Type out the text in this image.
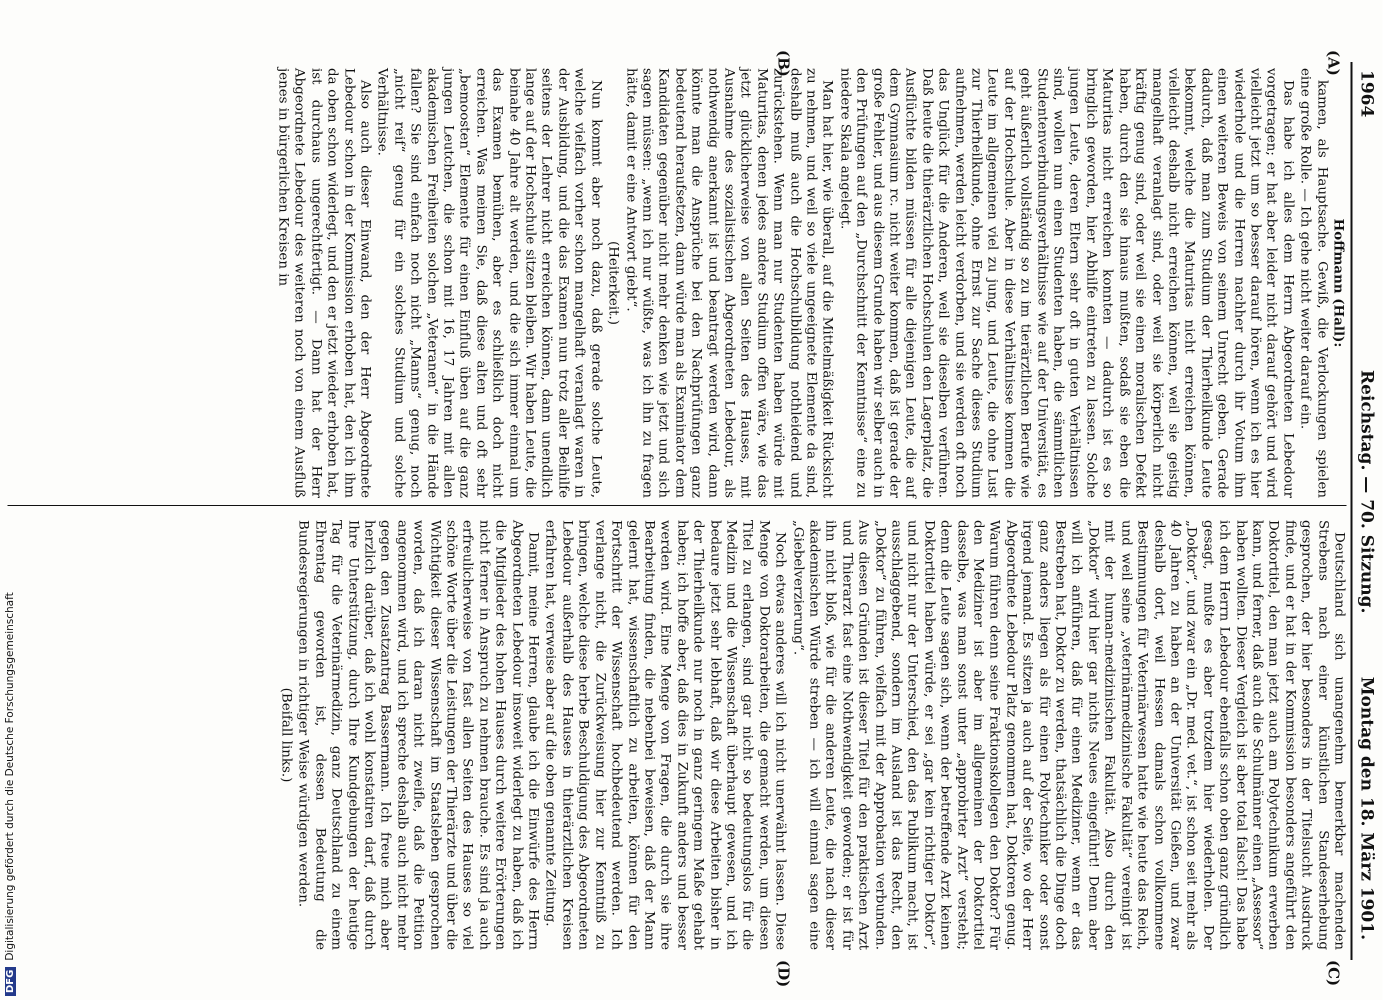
1964
Reichstag. — 70. Sitzung.
Montag den 18. März 1901.
(A)
(B)
(C)
(D)

Hoffmann (Hall):

kamen, als Hauptsache. Gewiß, die Verlockungen spielen eine große Rolle. — Ich gehe nicht weiter darauf ein.

Das habe ich alles dem Herrn Abgeordneten Lebedour vorgetragen; er hat aber leider nicht darauf gehört und wird vielleicht jetzt um so besser darauf hören, wenn ich es hier wiederhole und die Herren nachher durch ihr Votum ihm einen weiteren Beweis von seinem Unrecht geben. Gerade dadurch, daß man zum Studium der Thierheilkunde Leute bekommt, welche die Maturitas nicht erreichen können, vielleicht deshalb nicht erreichen können, weil sie geistig mangelhaft veranlagt sind, oder weil sie körperlich nicht kräftig genug sind, oder weil sie einen moralischen Defekt haben, durch den sie hinaus mußten, sodaß sie eben die Maturitas nicht erreichen konnten — dadurch ist es so bringlich geworden, hier Abhilfe eintreten zu lassen. Solche jungen Leute, deren Eltern sehr oft in guten Verhältnissen sind, wollen nun einen Studenten haben, die sämmtlichen Studentenverbindungsverhältnisse wie auf der Universität, es geht äußerlich vollständig so zu im tierärztlichen Berufe wie auf der Hochschule. Aber in diese Verhältnisse kommen die Leute im allgemeinen viel zu jung, und Leute, die ohne Lust zur Thierheilkunde, ohne Ernst zur Sache dieses Studium aufnehmen, werden leicht verdorben, und sie werden oft noch das Unglück für die Anderen, weil sie dieselben verführen. Daß heute die thierärztlichen Hochschulen den Lagerplatz, die Ausflüchte bilden müssen für alle diejenigen Leute, die auf dem Gymnasium rc. nicht weiter kommen, daß ist gerade der große Fehler, und aus diesem Grunde haben wir selber auch in den Prüfungen auf den „Durchschnitt der Kenntnisse“ eine zu niedere Skala angelegt.

Man hat hier, wie überall, auf die Mittelmäßigkeit Rücksicht zu nehmen, und weil so viele ungeeignete Elemente da sind, deshalb muß auch die Hochschulbildung nothleidend und zurückstehen. Wenn man nur Studenten haben würde mit Maturitas, denen jedes andere Studium offen wäre, wie das jetzt glücklicherweise von allen Seiten des Hauses, mit Ausnahme des sozialistischen Abgeordneten Lebedour, als nothwendig anerkannt ist und beantragt werden wird, dann könnte man die Ansprüche bei den Nachprüfungen ganz bedeutend heraufsetzen, dann würde man als Examinator dem Kandidaten gegenüber nicht mehr denken wie jetzt und sich sagen müssen: „wenn ich nur wüßte, was ich ihn zu fragen hätte, damit er eine Antwort giebt“.

(Heiterkeit.)

Nun kommt aber noch dazu, daß gerade solche Leute, welche vielfach vorher schon mangelhaft veranlagt waren in der Ausbildung, und die das Examen nun trotz aller Beihilfe seitens der Lehrer nicht erreichen können, dann unendlich lange auf der Hochschule sitzen bleiben. Wir haben Leute, die beinahe 40 Jahre alt werden, und die sich immer einmal um das Examen bemühen, aber es schließlich doch nicht erreichen. Was meinen Sie, daß diese alten und oft sehr „bemoosten“ Elemente für einen Einfluß üben auf die ganz jungen Leutchen, die schon mit 16, 17 Jahren mit allen akademischen Freiheiten solchen „Veteranen“ in die Hände fallen? Sie sind einfach noch nicht „Manns“ genug, noch „nicht reif“ genug für ein solches Studium und solche Verhältnisse.

Also auch dieser Einwand, den der Herr Abgeordnete Lebedour schon in der Kommission erhoben hat, den ich ihm da oben schon widerlegt, und den er jetzt wieder erhoben hat, ist durchaus ungerechtfertigt. — Dann hat der Herr Abgeordnete Lebedour des weiteren noch von einem Ausfluß jenes in bürgerlichen Kreisen in

Deutschland sich unangenehm bemerkbar machenden Strebens nach einer künstlichen Standeserhebung gesprochen, der hier besonders in der Titelsucht Ausdruck finde, und er hat in der Kommission besonders angeführt den Doktortitel, den man jetzt auch am Polytechnikum erwerben kann, und ferner, daß auch die Schulmänner einen „Assessor“ haben wollten. Dieser Vergleich ist aber total falsch! Das habe ich dem Herrn Lebedour ebenfalls schon oben ganz gründlich gesagt, mußte es aber trotzdem hier wiederholen. Der „Doktor“, und zwar ein „Dr. med. vet.“, ist schon seit mehr als 40 Jahren zu haben an der Universität Gießen, und zwar deshalb dort, weil Hessen damals schon vollkommene Bestimmungen für Veterinärwesen hatte wie heute das Reich, und weil seine „veterinärmedizinische Fakultät“ vereinigt ist mit der human-medizinischen Fakultät. Also durch den „Doktor“ wird hier gar nichts Neues eingeführt! Denn aber will ich anführen, daß für einen Mediziner, wenn er das Bestreben hat, Doktor zu werden, thatsächlich die Dinge doch ganz anders liegen als für einen Polytechniker oder sonst irgend jemand. Es sitzen ja auch auf der Seite, wo der Herr Abgeordnete Lebedour Platz genommen hat, Doktoren genug. Warum führen denn seine Fraktionskollegen den Doktor? Für den Mediziner ist aber im allgemeinen der Doktortitel dasselbe, was man sonst unter „approbirter Arzt“ versteht; denn die Leute sagen sich, wenn der betreffende Arzt keinen Doktortitel haben würde, er sei „gar kein richtiger Doktor“, und nicht nur der Unterschied, den das Publikum macht, ist ausschlaggebend, sondern im Ausland ist das Recht, den „Doktor“ zu führen, vielfach mit der Approbation verbunden. Aus diesen Gründen ist dieser Titel für den praktischen Arzt und Thierarzt fast eine Nothwendigkeit geworden; er ist für ihn nicht bloß, wie für die anderen Leute, die nach dieser akademischen Würde streben — ich will einmal sagen eine „Giebelverzierung“.

Noch etwas anderes will ich nicht unerwähnt lassen. Diese Menge von Doktorarbeiten, die gemacht werden, um diesen Titel zu erlangen, sind gar nicht so bedeutungslos für die Medizin und die Wissenschaft überhaupt gewesen, und ich bedaure jetzt sehr lebhaft, daß wir diese Arbeiten bisher in der Thierheilkunde nur noch in ganz geringem Maße gehabt haben; ich hoffe aber, daß dies in Zukunft anders und besser werden wird. Eine Menge von Fragen, die durch sie ihre Bearbeitung finden, die nebenbei beweisen, daß der Mann gelernt hat, wissenschaftlich zu arbeiten, können für den Fortschritt der Wissenschaft hochbedeutend werden. Ich verlange nicht, die Zurückweisung hier zur Kenntniß zu bringen, welche diese herbe Beschuldigung des Abgeordneten Lebedour außerhalb des Hauses in thierärztlichen Kreisen erfahren hat, verweise aber auf die oben genannte Zeitung.

Damit, meine Herren, glaube ich die Einwürfe des Herrn Abgeordneten Lebedour insoweit widerlegt zu haben, daß ich die Mitglieder des hohen Hauses durch weitere Erörterungen nicht ferner in Anspruch zu nehmen brauche. Es sind ja auch erfreulicherweise von fast allen Seiten des Hauses so viel schöne Worte über die Leistungen der Thierärzte und über die Wichtigkeit dieser Wissenschaft im Staatsleben gesprochen worden, daß ich daran nicht zweifle, daß die Petition angenommen wird, und ich spreche deshalb auch nicht mehr gegen den Zusatzantrag Bassermann. Ich freue mich aber herzlich darüber, daß ich wohl konstatiren darf, daß durch Ihre Unterstützung, durch Ihre Kundgebungen der heutige Tag für die Veterinärmedizin, ganz Deutschland zu einem Ehrentag geworden ist, dessen Bedeutung die Bundesregierungen in richtiger Weise würdigen werden.

(Beifall links.)

DFGDigitalisierung gefördert durch die Deutsche Forschungsgemeinschaft
